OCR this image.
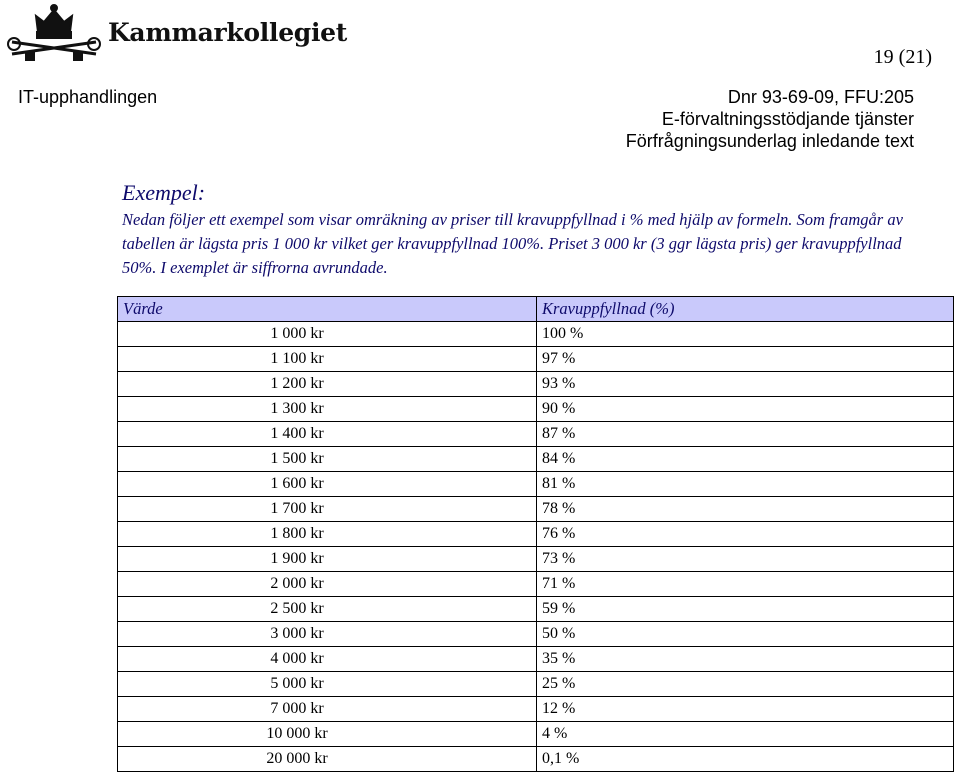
Kammarkollegiet
19 (21)
IT-upphandlingen	Dnr 93-69-09, FFU:205
E-förvaltningsstödjande tjänster
Förfrågningsunderlag inledande text
Exempel:
Nedan följer ett exempel som visar omräkning av priser till kravuppfyllnad i % med hjälp av formeln. Som framgår av tabellen är lägsta pris 1 000 kr vilket ger kravuppfyllnad 100%. Priset 3 000 kr (3 ggr lägsta pris) ger kravuppfyllnad 50%. I exemplet är siffrorna avrundade.
Värde	Kravuppfyllnad (%)
1 000 kr	100 %
1 100 kr	97 %
1 200 kr	93 %
1 300 kr	90 %
1 400 kr	87 %
1 500 kr	84 %
1 600 kr	81 %
1 700 kr	78 %
1 800 kr	76 %
1 900 kr	73 %
2 000 kr	71 %
2 500 kr	59 %
3 000 kr	50 %
4 000 kr	35 %
5 000 kr	25 %
7 000 kr	12 %
10 000 kr	4 %
20 000 kr	0,1 %
